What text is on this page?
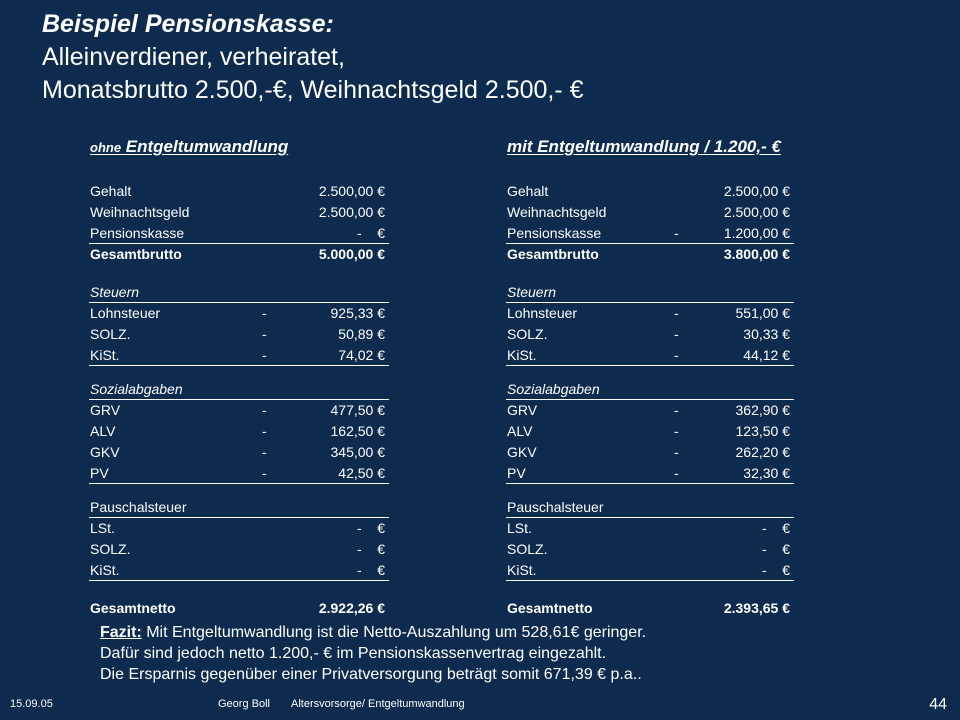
Beispiel Pensionskasse:
Alleinverdiener, verheiratet,
Monatsbrutto 2.500,-€, Weihnachtsgeld 2.500,- €
ohne Entgeltumwandlung	mit Entgeltumwandlung / 1.200,- €
Gehalt	2.500,00 €
Weihnachtsgeld	2.500,00 €
Pensionskasse	-    €
Gesamtbrutto	5.000,00 €
Steuern
Lohnsteuer	-	925,33 €
SOLZ.	-	50,89 €
KiSt.	-	74,02 €
Sozialabgaben
GRV	-	477,50 €
ALV	-	162,50 €
GKV	-	345,00 €
PV	-	42,50 €
Pauschalsteuer
LSt.	-    €
SOLZ.	-    €
KiSt.	-    €
Gesamtnetto	2.922,26 €
Gehalt	2.500,00 €
Weihnachtsgeld	2.500,00 €
Pensionskasse	-	1.200,00 €
Gesamtbrutto	3.800,00 €
Steuern
Lohnsteuer	-	551,00 €
SOLZ.	-	30,33 €
KiSt.	-	44,12 €
Sozialabgaben
GRV	-	362,90 €
ALV	-	123,50 €
GKV	-	262,20 €
PV	-	32,30 €
Pauschalsteuer
LSt.	-    €
SOLZ.	-    €
KiSt.	-    €
Gesamtnetto	2.393,65 €

Fazit: Mit Entgeltumwandlung ist die Netto-Auszahlung um 528,61€ geringer.

Dafür sind jedoch netto 1.200,- € im Pensionskassenvertrag eingezahlt.

Die Ersparnis gegenüber einer Privatversorgung beträgt somit 671,39 € p.a..

15.09.05	Georg Boll Altersvorsorge/ Entgeltumwandlung	44
